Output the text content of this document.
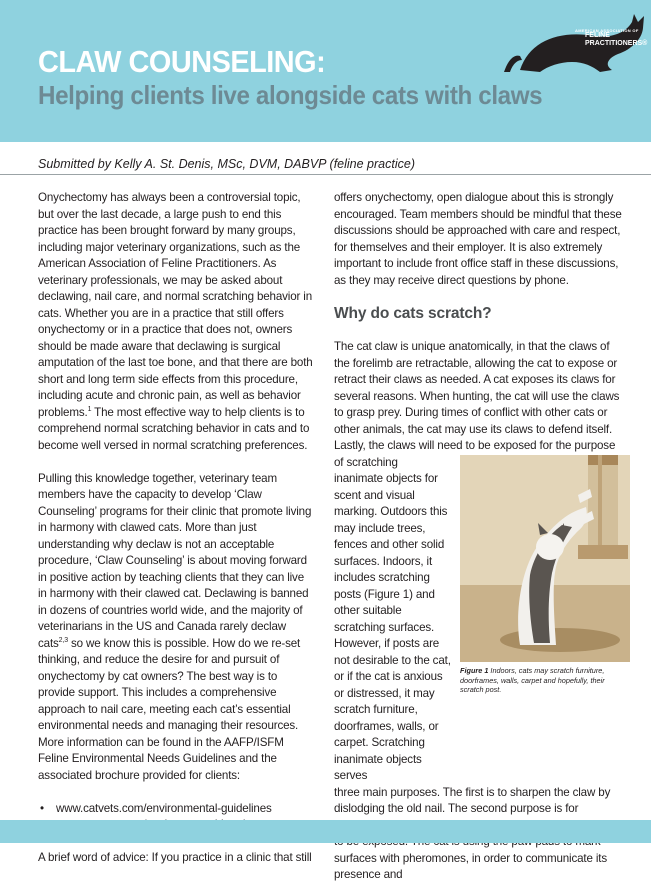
CLAW COUNSELING:
Helping clients live alongside cats with claws
AMERICAN ASSOCIATION OF
FELINE
PRACTITIONERS®
Submitted by Kelly A. St. Denis, MSc, DVM, DABVP (feline practice)

Onychectomy has always been a controversial topic, but over the last decade, a large push to end this practice has been brought forward by many groups, including major veterinary organizations, such as the American Association of Feline Practitioners. As veterinary professionals, we may be asked about declawing, nail care, and normal scratching behavior in cats. Whether you are in a practice that still offers onychectomy or in a practice that does not, owners should be made aware that declawing is surgical amputation of the last toe bone, and that there are both short and long term side effects from this procedure, including acute and chronic pain, as well as behavior problems.$^1$ The most effective way to help clients is to comprehend normal scratching behavior in cats and to become well versed in normal scratching preferences.

Pulling this knowledge together, veterinary team members have the capacity to develop ‘Claw Counseling’ programs for their clinic that promote living in harmony with clawed cats. More than just understanding why declaw is not an acceptable procedure, ‘Claw Counseling’ is about moving forward in positive action by teaching clients that they can live in harmony with their clawed cat. Declawing is banned in dozens of countries world wide, and the majority of veterinarians in the US and Canada rarely declaw cats$^{2,3}$ so we know this is possible. How do we re-set thinking, and reduce the desire for and pursuit of onychectomy by cat owners? The best way is to provide support. This includes a comprehensive approach to nail care, meeting each cat’s essential environmental needs and managing their resources. More information can be found in the AAFP/ISFM Feline Environmental Needs Guidelines and the associated brochure provided for clients:

• www.catvets.com/environmental-guidelines
•

A brief word of advice: If you practice in a clinic that still

offers onychectomy, open dialogue about this is strongly encouraged. Team members should be mindful that these discussions should be approached with care and respect, for themselves and their employer. It is also extremely important to include front office staff in these discussions, as they may receive direct questions by phone.

Why do cats scratch?

The cat claw is unique anatomically, in that the claws of the forelimb are retractable, allowing the cat to expose or retract their claws as needed. A cat exposes its claws for several reasons. When hunting, the cat will use the claws to grasp prey. During times of conflict with other cats or other animals, the cat may use its claws to defend itself. Lastly, the claws will need to be exposed for the purpose of scratching

inanimate objects for scent and visual marking. Outdoors this may include trees, fences and other solid surfaces. Indoors, it includes scratching posts (Figure 1) and other suitable scratching surfaces. However, if posts are not desirable to the cat, or if the cat is anxious or distressed, it may scratch furniture, doorframes, walls, or carpet. Scratching inanimate objects serves

three main purposes. The first is to sharpen the claw by dislodging the old nail. The second purpose is for surfaces with pheromones, in order to communicate its presence and

Figure 1 Indoors, cats may scratch furniture, doorframes, walls, carpet and hopefully, their scratch post.
